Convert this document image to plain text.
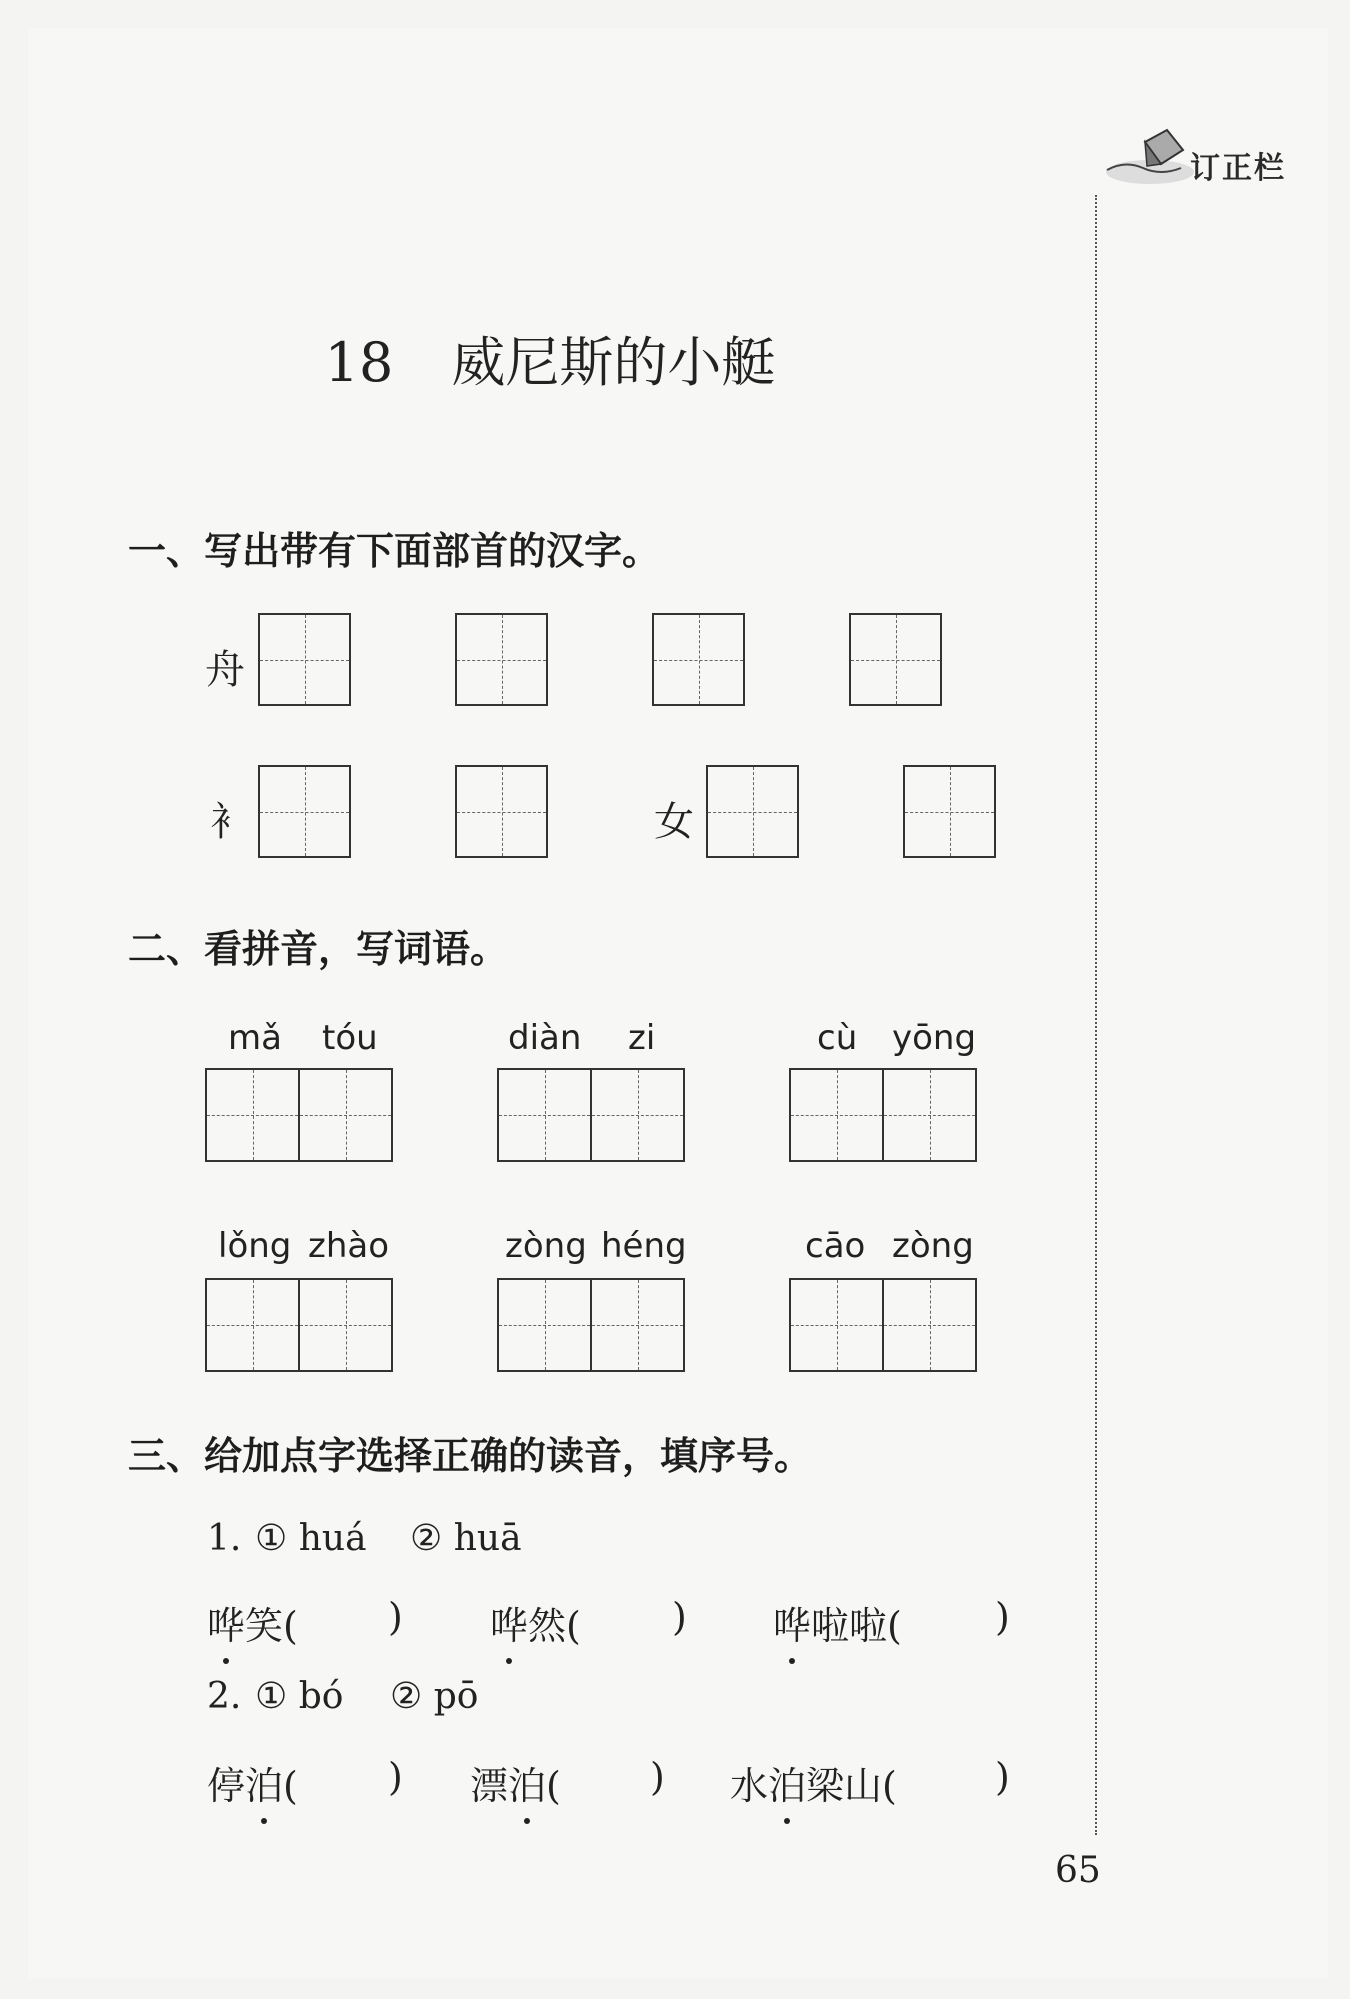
订正栏
18 威尼斯的小艇
一、写出带有下面部首的汉字。
舟
衤	女
二、看拼音，写词语。
mǎ tóu	diàn zi	cù yōng
lǒng zhào	zòng héng	cāo zòng
三、给加点字选择正确的读音，填序号。
1. ① huá ② huā
哗笑( ) 哗然( ) 哗啦啦( )
2. ① bó ② pō
停泊( ) 漂泊( ) 水泊梁山(	)
65
